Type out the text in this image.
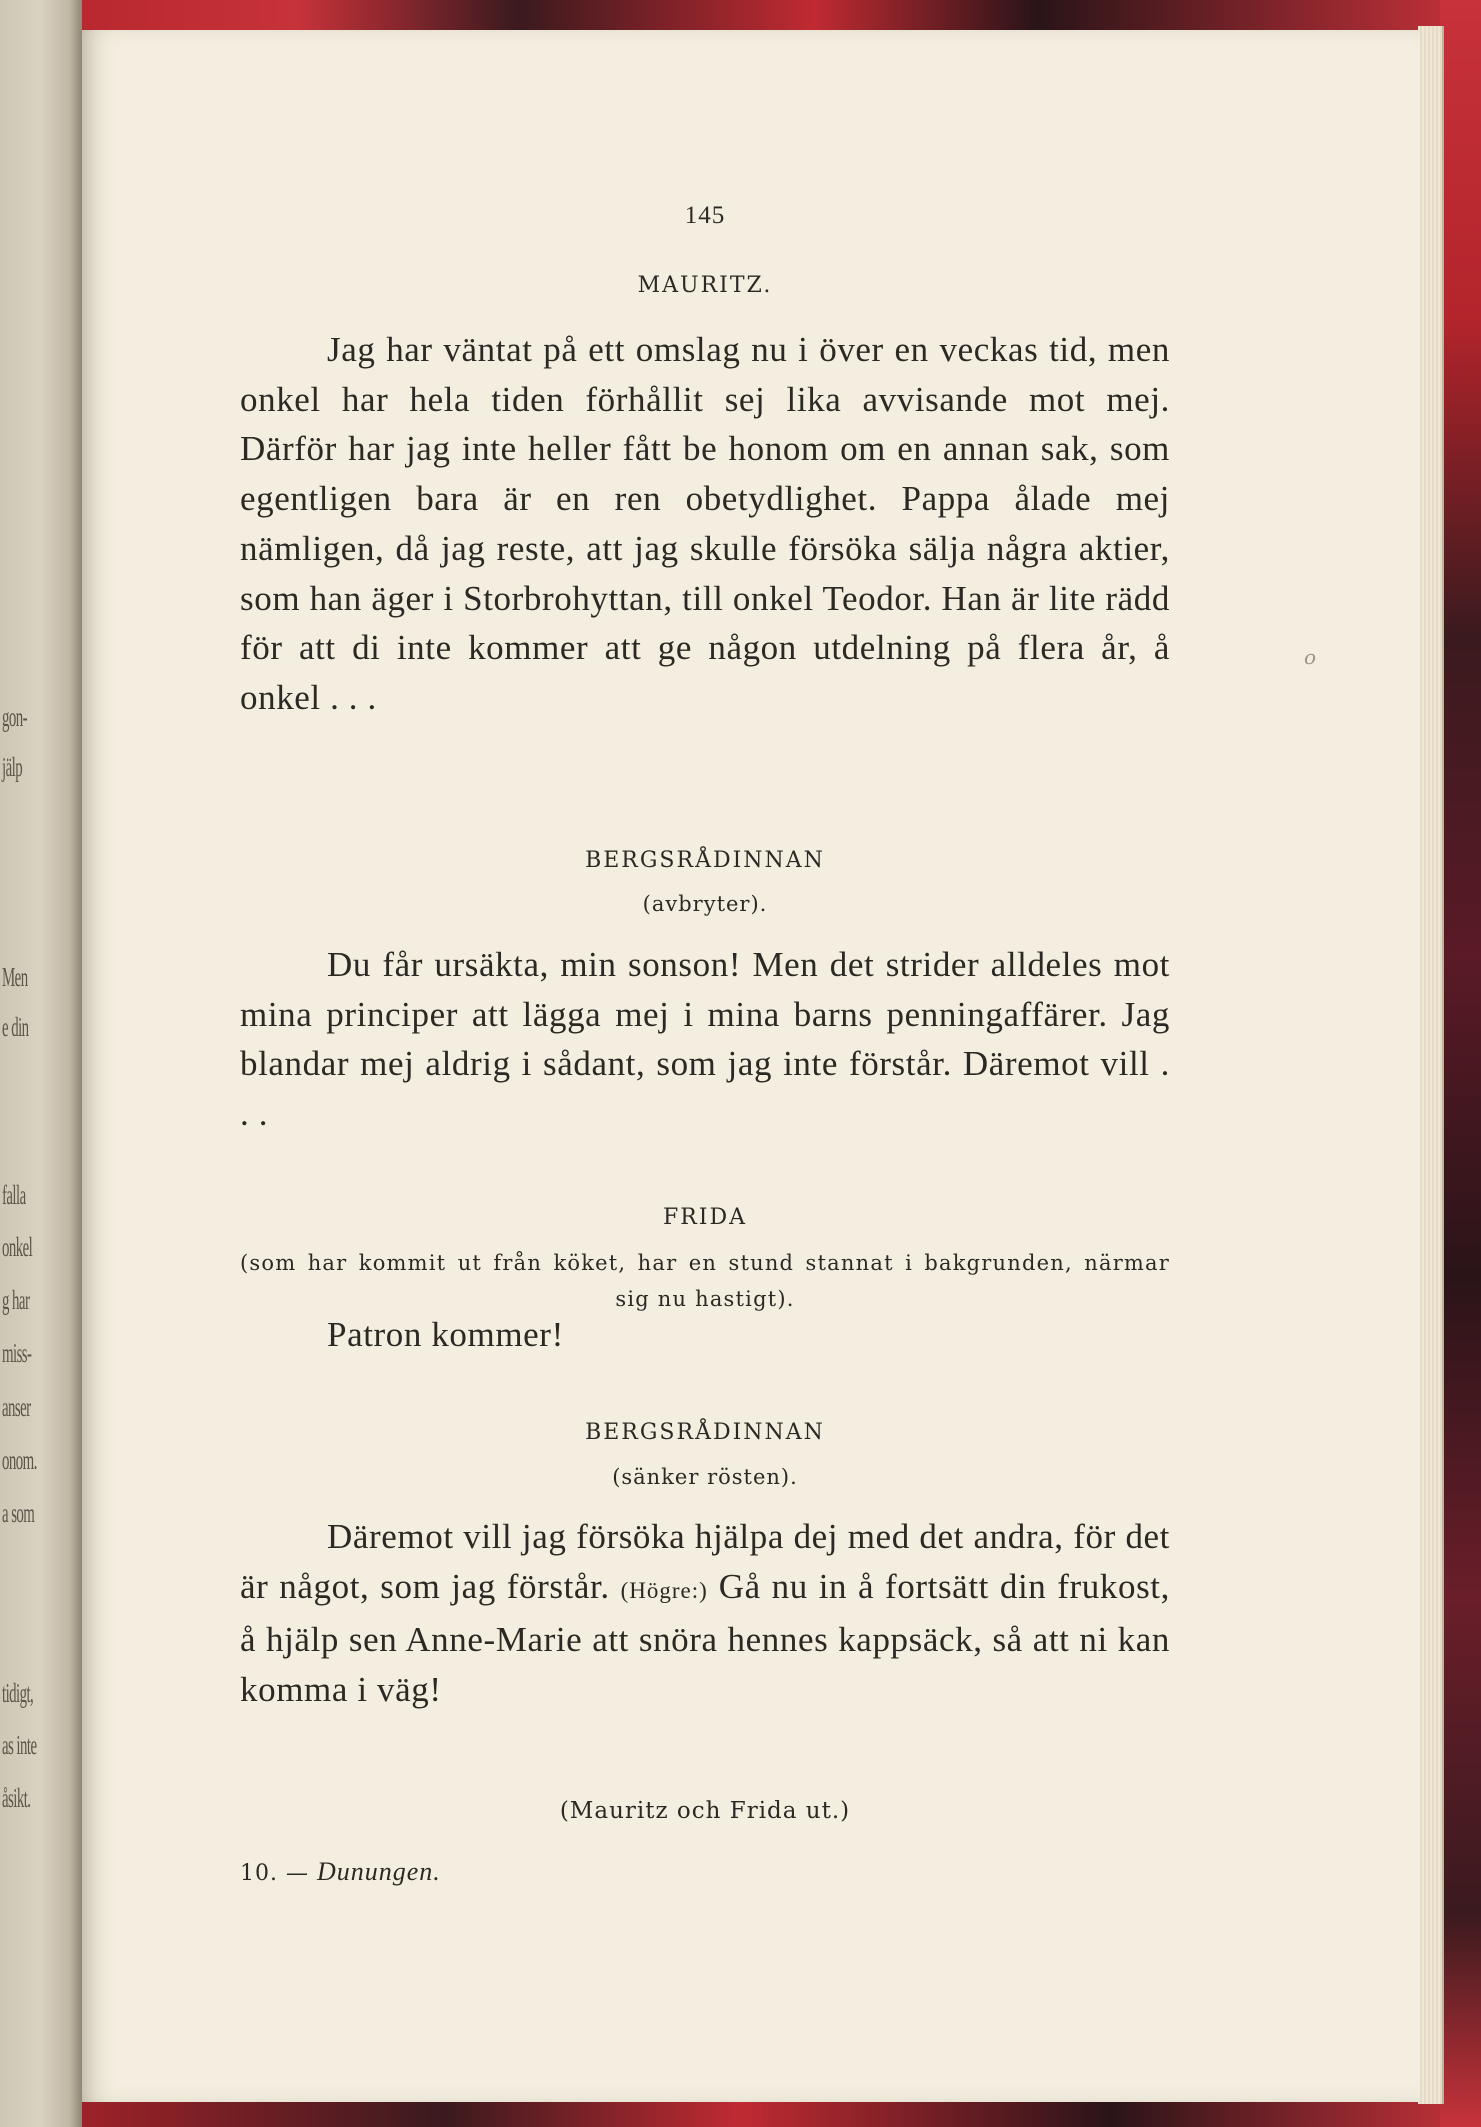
gon-
jälp
Men
e din
falla
onkel
g har
miss-
anser
onom.
a som
tidigt,
as inte
åsikt.
145
MAURITZ.

Jag har väntat på ett omslag nu i över en veckas tid, men onkel har hela tiden förhållit sej lika avvisande mot mej. Därför har jag inte heller fått be honom om en annan sak, som egentligen bara är en ren obetydlighet. Pappa ålade mej nämligen, då jag reste, att jag skulle försöka sälja några aktier, som han äger i Storbrohyttan, till onkel Teodor. Han är lite rädd för att di inte kommer att ge någon utdelning på flera år, å onkel . . .

BERGSRÅDINNAN
(avbryter).

Du får ursäkta, min sonson! Men det strider alldeles mot mina principer att lägga mej i mina barns penningaffärer. Jag blandar mej aldrig i sådant, som jag inte förstår. Däremot vill . . .

FRIDA

(som har kommit ut från köket, har en stund stannat i bakgrunden, närmar sig nu hastigt).

Patron kommer!

BERGSRÅDINNAN
(sänker rösten).

Däremot vill jag försöka hjälpa dej med det andra, för det är något, som jag förstår. (Högre:) Gå nu in å fortsätt din frukost, å hjälp sen Anne-Marie att snöra hennes kappsäck, så att ni kan komma i väg!

(Mauritz och Frida ut.)
10. — Dunungen.
o
